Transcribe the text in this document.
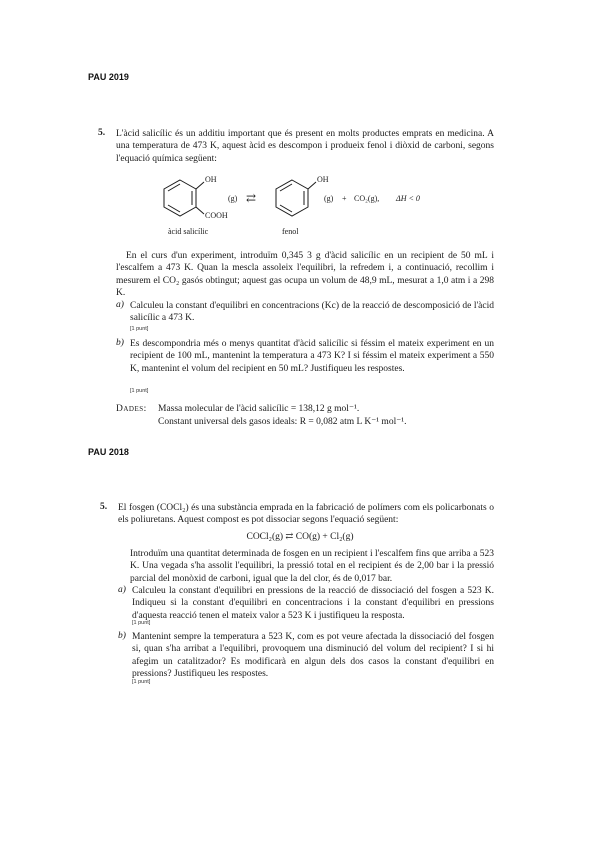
PAU 2019
5. L'àcid salicílic és un additiu important que és present en molts productes emprats en medicina. A una temperatura de 473 K, aquest àcid es descompon i produeix fenol i diòxid de carboni, segons l'equació química següent:

OH
COOH
(g) ⇄
OH
(g) + CO₂(g), ΔH < 0
àcid salicílic	fenol

En el curs d'un experiment, introduïm 0,345 3 g d'àcid salicílic en un recipient de 50 mL i l'escalfem a 473 K. Quan la mescla assoleix l'equilibri, la refredem i, a continuació, recollim i mesurem el CO₂ gasós obtingut; aquest gas ocupa un volum de 48,9 mL, mesurat a 1,0 atm i a 298 K.

a) Calculeu la constant d'equilibri en concentracions (Kc) de la reacció de descomposició de l'àcid salicílic a 473 K.

[1 punt]
b) Es descompondria més o menys quantitat d'àcid salicílic si féssim el mateix experiment en un recipient de 100 mL, mantenint la temperatura a 473 K? I si féssim el mateix experiment a 550 K, mantenint el volum del recipient en 50 mL? Justifiqueu les respostes.

[1 punt]
Dades: Massa molecular de l'àcid salicílic = 138,12 g mol⁻¹.
Constant universal dels gasos ideals: R = 0,082 atm L K⁻¹ mol⁻¹.
PAU 2018
5. El fosgen (COCl₂) és una substància emprada en la fabricació de polímers com els policarbonats o els poliuretans. Aquest compost es pot dissociar segons l'equació següent:

COCl₂(g) ⇄ CO(g) + Cl₂(g)

Introduïm una quantitat determinada de fosgen en un recipient i l'escalfem fins que arriba a 523 K. Una vegada s'ha assolit l'equilibri, la pressió total en el recipient és de 2,00 bar i la pressió parcial del monòxid de carboni, igual que la del clor, és de 0,017 bar.

a) Calculeu la constant d'equilibri en pressions de la reacció de dissociació del fosgen a 523 K. Indiqueu si la constant d'equilibri en concentracions i la constant d'equilibri en pressions d'aquesta reacció tenen el mateix valor a 523 K i justifiqueu la resposta.

[1 punt]
b) Mantenint sempre la temperatura a 523 K, com es pot veure afectada la dissociació del fosgen si, quan s'ha arribat a l'equilibri, provoquem una disminució del volum del recipient? I si hi afegim un catalitzador? Es modificarà en algun dels dos casos la constant d'equilibri en pressions? Justifiqueu les respostes.

[1 punt]
